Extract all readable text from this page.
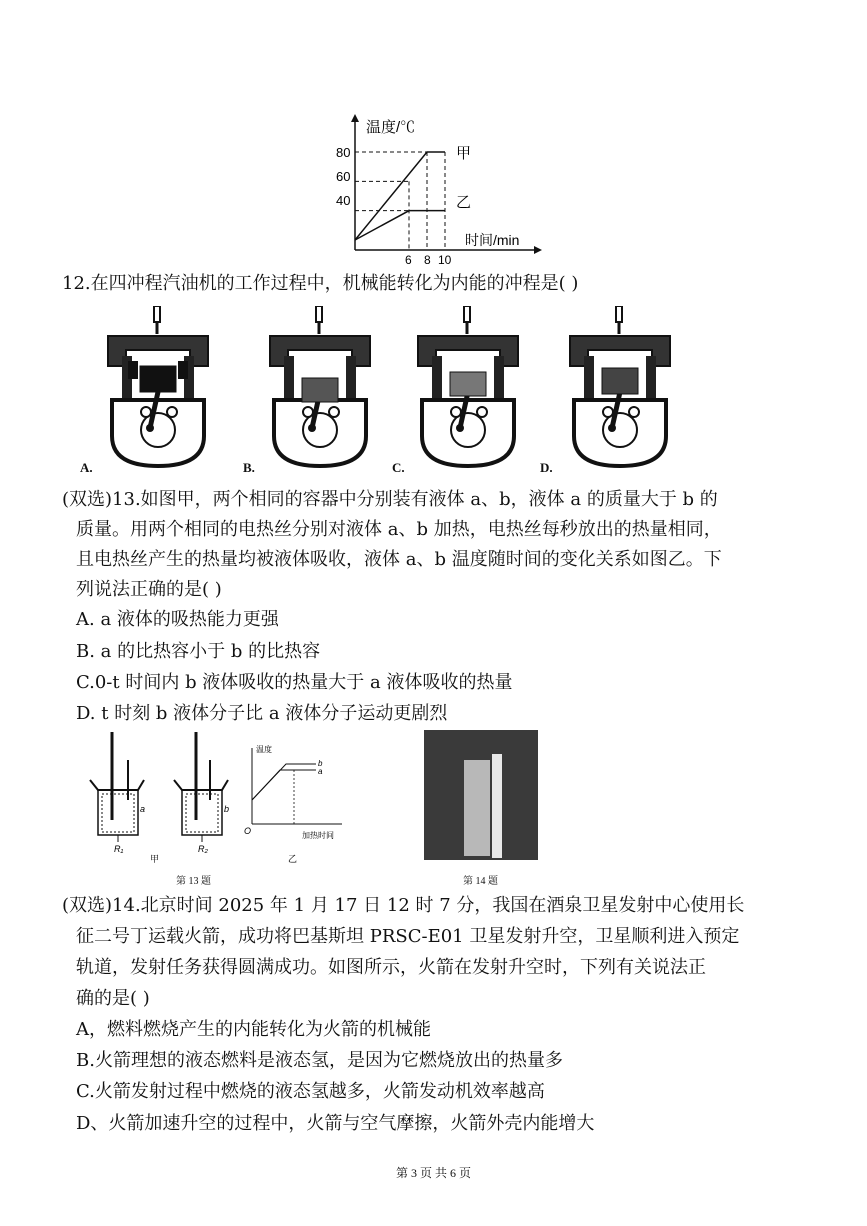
温度/℃
时间/min
80
60
40
6 8 10
甲
乙
12.在四冲程汽油机的工作过程中，机械能转化为内能的冲程是( )
A.	B.	C.	D.
(双选)13.如图甲，两个相同的容器中分别装有液体 a、b，液体 a 的质量大于 b 的
质量。用两个相同的电热丝分别对液体 a、b 加热，电热丝每秒放出的热量相同，
且电热丝产生的热量均被液体吸收，液体 a、b 温度随时间的变化关系如图乙。下
列说法正确的是( )
A. a 液体的吸热能力更强
B. a 的比热容小于 b 的比热容
C.0-t 时间内 b 液体吸收的热量大于 a 液体吸收的热量
D. t 时刻 b 液体分子比 a 液体分子运动更剧烈
a
R₁
甲
b
R₂
温度
b
a
O	加热时间
乙
第 13 题	第 14 题
(双选)14.北京时间 2025 年 1 月 17 日 12 时 7 分，我国在酒泉卫星发射中心使用长
征二号丁运载火箭，成功将巴基斯坦 PRSC-E01 卫星发射升空，卫星顺利进入预定
轨道，发射任务获得圆满成功。如图所示，火箭在发射升空时，下列有关说法正
确的是( )
A，燃料燃烧产生的内能转化为火箭的机械能
B.火箭理想的液态燃料是液态氢，是因为它燃烧放出的热量多
C.火箭发射过程中燃烧的液态氢越多，火箭发动机效率越高
D、火箭加速升空的过程中，火箭与空气摩擦，火箭外壳内能增大
第 3 页 共 6 页
